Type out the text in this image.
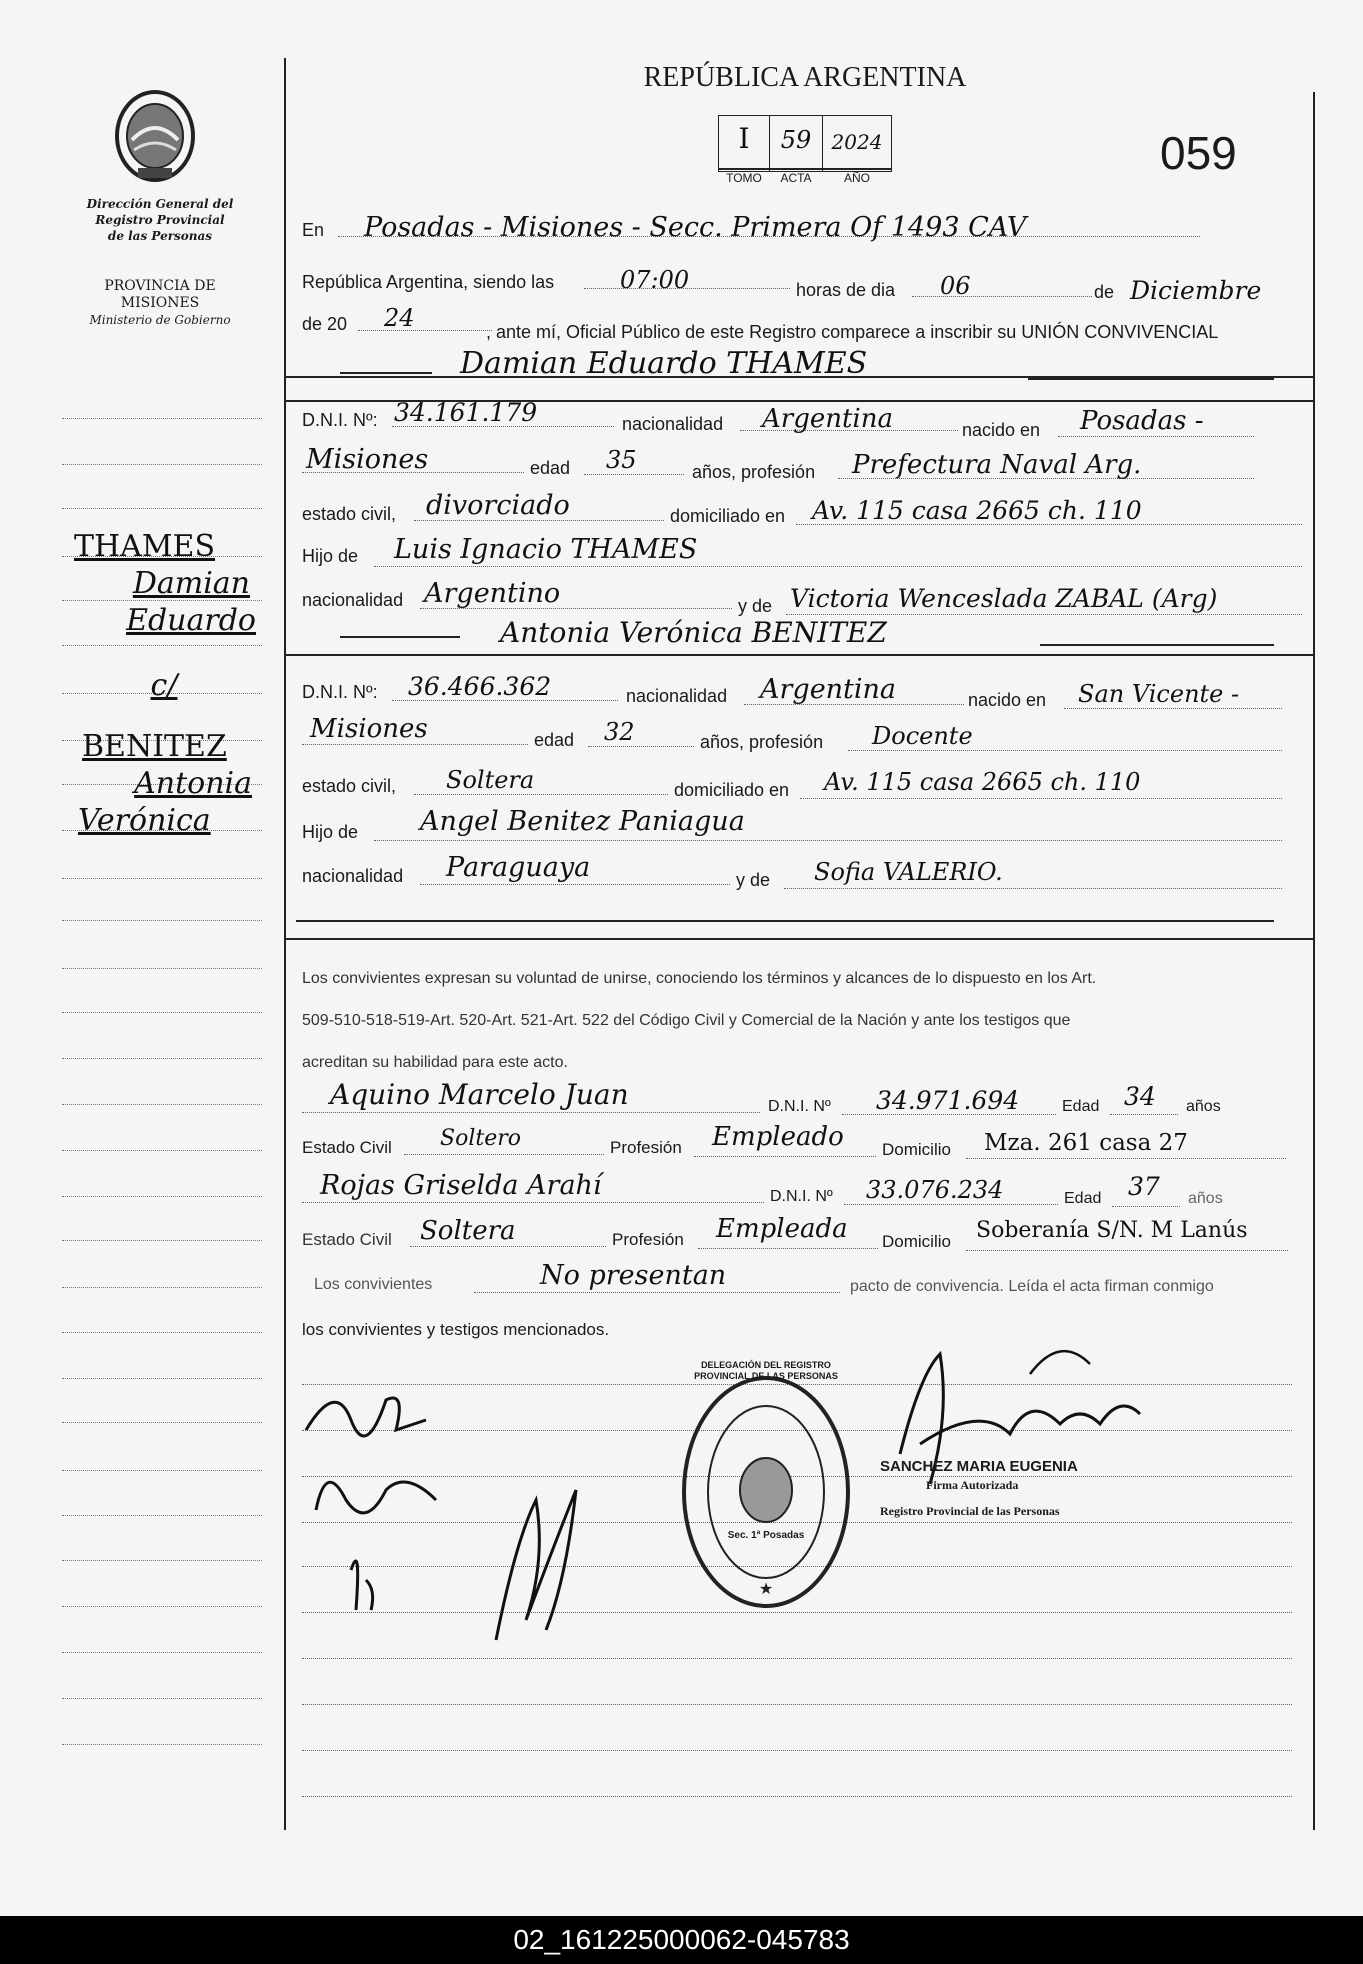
Dirección General del
Registro Provincial
de las Personas
PROVINCIA DE
MISIONES
Ministerio de Gobierno
THAMES
Damian
Eduardo
c/
BENITEZ
Antonia
Verónica
REPÚBLICA ARGENTINA
I	59	2024
TOMO	ACTA	AÑO	059
En Posadas - Misiones - Secc. Primera Of 1493 CAV
República Argentina, siendo las	07:00	horas de dia 06	de Diciembre
de 20 24	, ante mí, Oficial Público de este Registro comparece a inscribir su UNIÓN CONVIVENCIAL
Damian Eduardo THAMES
D.N.I. Nº: 34.161.179	nacionalidad Argentina	nacido en Posadas -
Misiones	edad 35	años, profesión Prefectura Naval Arg.
estado civil, divorciado	domiciliado en Av. 115 casa 2665 ch. 110
Hijo de Luis Ignacio THAMES
nacionalidad Argentino	y de Victoria Wenceslada ZABAL (Arg)
Antonia Verónica BENITEZ
D.N.I. Nº: 36.466.362	nacionalidad Argentina	nacido en San Vicente -
Misiones	edad 32	años, profesión Docente
estado civil, Soltera	domiciliado en Av. 115 casa 2665 ch. 110
Hijo de Angel Benitez Paniagua
nacionalidad Paraguaya	y de Sofia VALERIO.
Los convivientes expresan su voluntad de unirse, conociendo los términos y alcances de lo dispuesto en los Art.
509-510-518-519-Art. 520-Art. 521-Art. 522 del Código Civil y Comercial de la Nación y ante los testigos que
acreditan su habilidad para este acto.
Aquino Marcelo Juan	D.N.I. Nº 34.971.694	Edad 34 años
Estado Civil Soltero	Profesión Empleado Domicilio Mza. 261 casa 27
Rojas Griselda Arahí	D.N.I. Nº 33.076.234	Edad 37 años
Estado Civil Soltera	Profesión Empleada Domicilio Soberanía S/N. M Lanús
Los convivientes	No presentan	pacto de convivencia. Leída el acta firman conmigo
los convivientes y testigos mencionados.
★
DELEGACIÓN DEL REGISTRO PROVINCIAL DE LAS PERSONAS
Sec. 1ª Posadas
SANCHEZ MARIA EUGENIA
Firma Autorizada
Registro Provincial de las Personas
02_161225000062-045783
